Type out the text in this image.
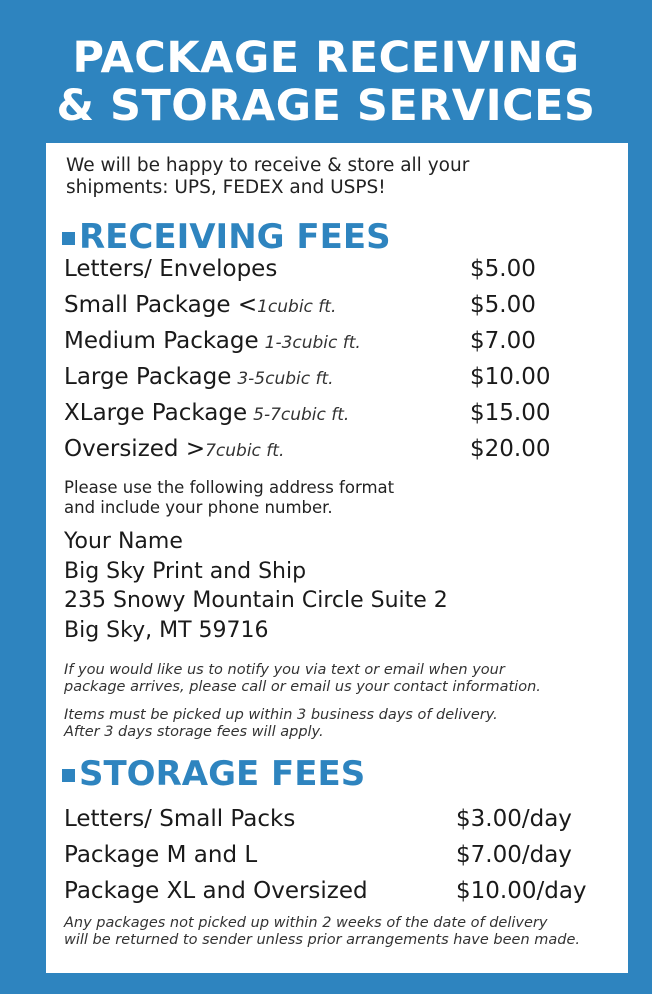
PACKAGE RECEIVING
& STORAGE SERVICES
We will be happy to receive & store all your
shipments: UPS, FEDEX and USPS!
RECEIVING FEES
Letters/ Envelopes	$5.00
Small Package <1cubic ft.	$5.00
Medium Package 1-3cubic ft.	$7.00
Large Package 3-5cubic ft.	$10.00
XLarge Package 5-7cubic ft.	$15.00
Oversized >7cubic ft.	$20.00
Please use the following address format
and include your phone number.
Your Name
Big Sky Print and Ship
235 Snowy Mountain Circle Suite 2
Big Sky, MT 59716
If you would like us to notify you via text or email when your
package arrives, please call or email us your contact information.
Items must be picked up within 3 business days of delivery.
After 3 days storage fees will apply.
STORAGE FEES
Letters/ Small Packs	$3.00/day
Package M and L	$7.00/day
Package XL and Oversized	$10.00/day
Any packages not picked up within 2 weeks of the date of delivery
will be returned to sender unless prior arrangements have been made.
